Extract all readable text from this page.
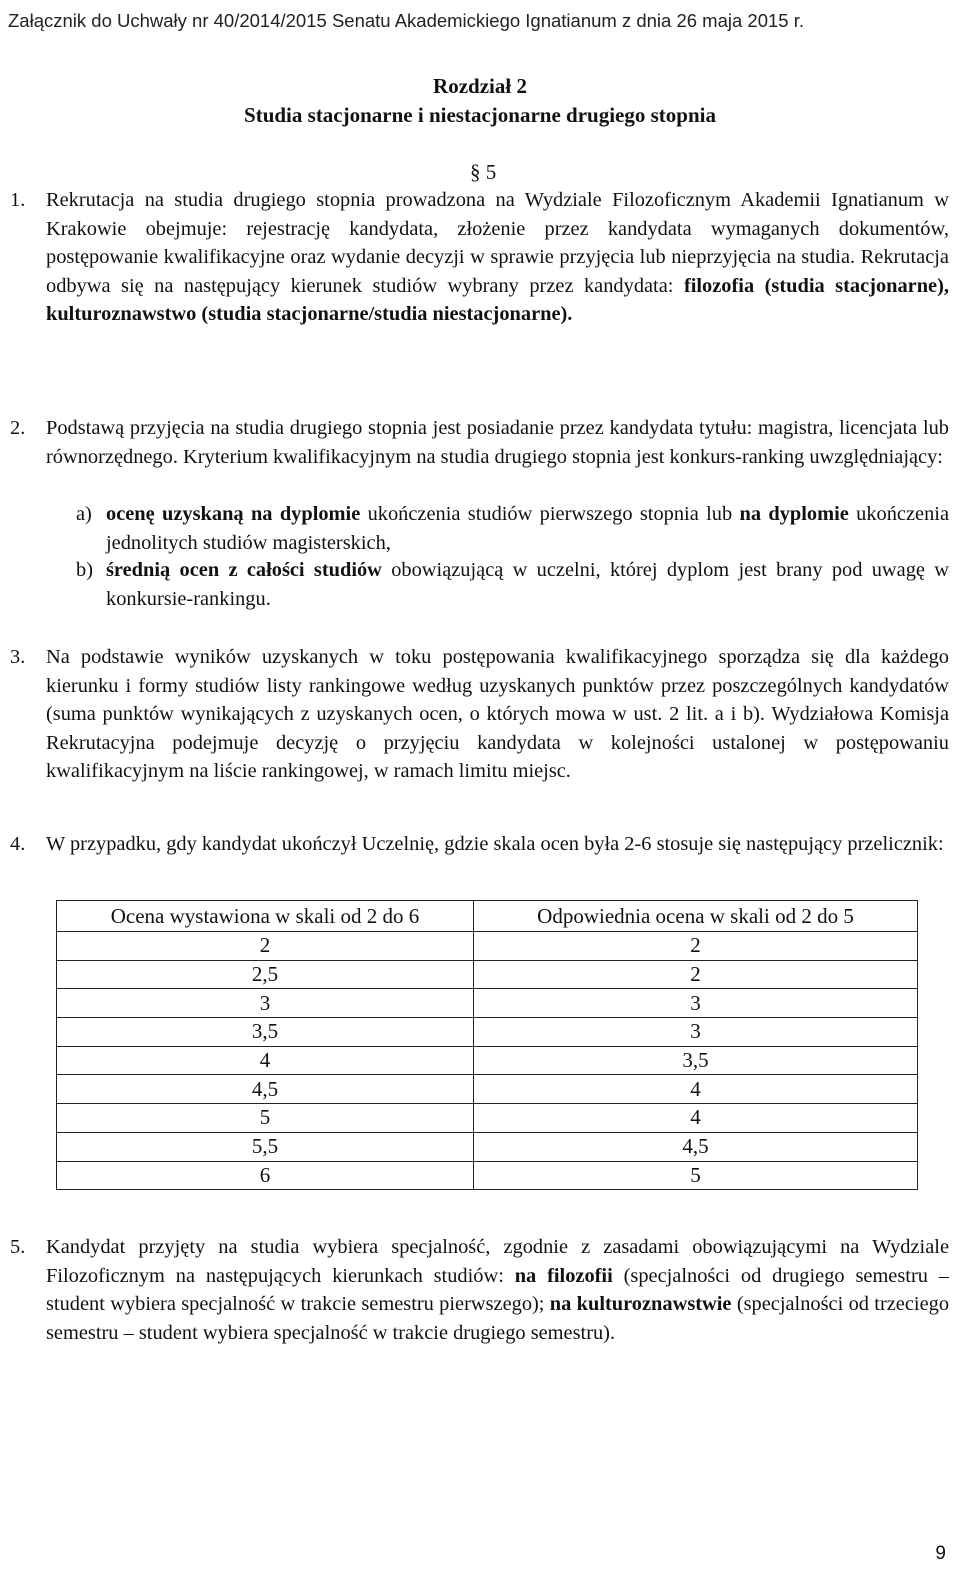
Załącznik do Uchwały nr 40/2014/2015 Senatu Akademickiego Ignatianum z dnia 26 maja 2015 r.
Rozdział 2
Studia stacjonarne i niestacjonarne drugiego stopnia
§ 5
1. Rekrutacja na studia drugiego stopnia prowadzona na Wydziale Filozoficznym Akademii Ignatianum w Krakowie obejmuje: rejestrację kandydata, złożenie przez kandydata wymaganych dokumentów, postępowanie kwalifikacyjne oraz wydanie decyzji w sprawie przyjęcia lub nieprzyjęcia na studia. Rekrutacja odbywa się na następujący kierunek studiów wybrany przez kandydata: filozofia (studia stacjonarne), kulturoznawstwo (studia stacjonarne/studia niestacjonarne).
2. Podstawą przyjęcia na studia drugiego stopnia jest posiadanie przez kandydata tytułu: magistra, licencjata lub równorzędnego. Kryterium kwalifikacyjnym na studia drugiego stopnia jest konkurs-ranking uwzględniający:
a) ocenę uzyskaną na dyplomie ukończenia studiów pierwszego stopnia lub na dyplomie ukończenia jednolitych studiów magisterskich,
b) średnią ocen z całości studiów obowiązującą w uczelni, której dyplom jest brany pod uwagę w konkursie-rankingu.
3. Na podstawie wyników uzyskanych w toku postępowania kwalifikacyjnego sporządza się dla każdego kierunku i formy studiów listy rankingowe według uzyskanych punktów przez poszczególnych kandydatów (suma punktów wynikających z uzyskanych ocen, o których mowa w ust. 2 lit. a i b). Wydziałowa Komisja Rekrutacyjna podejmuje decyzję o przyjęciu kandydata w kolejności ustalonej w postępowaniu kwalifikacyjnym na liście rankingowej, w ramach limitu miejsc.
4. W przypadku, gdy kandydat ukończył Uczelnię, gdzie skala ocen była 2-6 stosuje się następujący przelicznik:
Ocena wystawiona w skali od 2 do 6	Odpowiednia ocena w skali od 2 do 5
2	2
2,5	2
3	3
3,5	3
4	3,5
4,5	4
5	4
5,5	4,5
6	5
5. Kandydat przyjęty na studia wybiera specjalność, zgodnie z zasadami obowiązującymi na Wydziale Filozoficznym na następujących kierunkach studiów: na filozofii (specjalności od drugiego semestru – student wybiera specjalność w trakcie semestru pierwszego); na kulturoznawstwie (specjalności od trzeciego semestru – student wybiera specjalność w trakcie drugiego semestru).
9
